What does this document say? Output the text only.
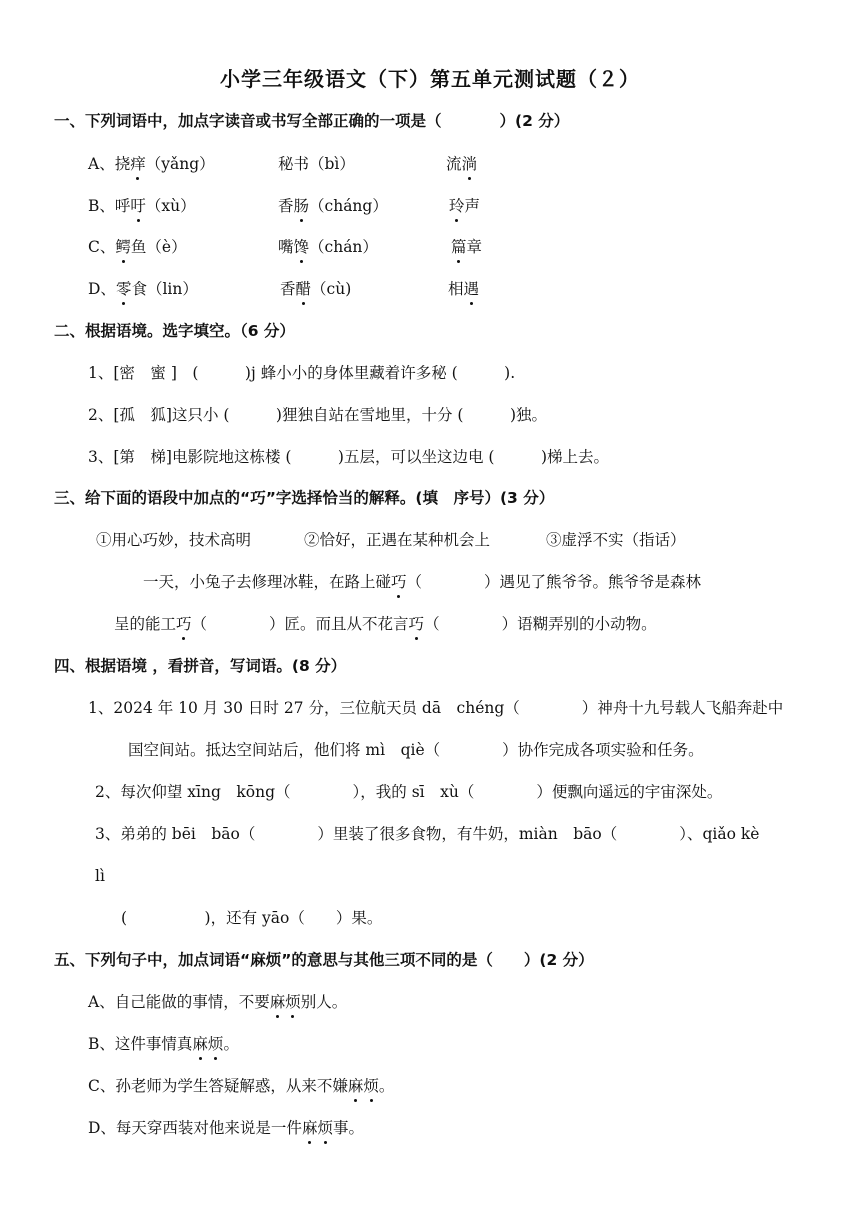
小学三年级语文（下）第五单元测试题（２）
一、下列词语中，加点字读音或书写全部正确的一项是（	）(2 分）
A、挠痒（yǎng）	秘书（bì）	流淌
B、呼吁（xù）	香肠（cháng）	玲声
C、鳄鱼（è）	嘴馋（chán）	篇章
D、零食（lin）	香醋（cù)	相遇
二、根据语境。选字填空。（6 分）
1、[密　蜜 ]　(　　　)j 蜂小小的身体里藏着许多秘 (　　　).
2、[孤　狐]这只小 (　　　)狸独自站在雪地里，十分 (　　　)独。
3、[第　梯]电影院地这栋楼 (　　　)五层，可以坐这边电 (　　　)梯上去。
三、给下面的语段中加点的“巧”字选择恰当的解释。(填　序号）(3 分）
①用心巧妙，技术高明	②恰好，正遇在某种机会上	③虚浮不实（指话）
一天，小兔子去修理冰鞋，在路上碰巧（　　　　）遇见了熊爷爷。熊爷爷是森林
呈的能工巧（　　　　）匠。而且从不花言巧（　　　　）语糊弄别的小动物。
四、根据语境 ，看拼音，写词语。(8 分）
1、2024 年 10 月 30 日时 27 分，三位航天员 dā　chéng（　　　　）神舟十九号载人飞船奔赴中
国空间站。抵达空间站后，他们将 mì　qiè（　　　　）协作完成各项实验和任务。
2、每次仰望 xīng　kōng（　　　　），我的 sī　xù（　　　　）便飘向遥远的宇宙深处。
3、弟弟的 bēi　bāo（　　　　）里装了很多食物，有牛奶，miàn　bāo（　　　　）、qiǎo kè
lì
(　　　　　)，还有 yāo（　　）果。
五、下列句子中，加点词语“麻烦”的意思与其他三项不同的是（　　）(2 分）
A、自己能做的事情，不要麻烦别人。
B、这件事情真麻烦。
C、孙老师为学生答疑解惑，从来不嫌麻烦。
D、每天穿西装对他来说是一件麻烦事。
